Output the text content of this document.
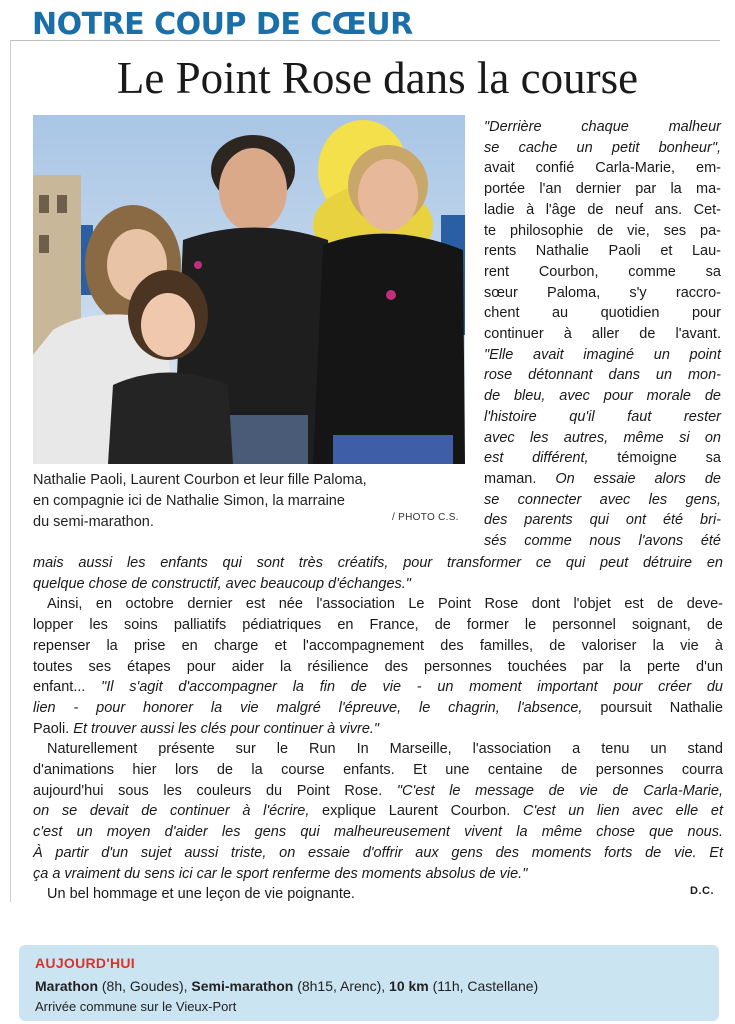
NOTRE COUP DE CŒUR
Le Point Rose dans la course
Nathalie Paoli, Laurent Courbon et leur fille Paloma,
en compagnie ici de Nathalie Simon, la marraine
du semi-marathon.	/ PHOTO C.S.
"Derrière chaque malheur
se cache un petit bonheur",
avait confié Carla-Marie, em-
portée l'an dernier par la ma-
ladie à l'âge de neuf ans. Cet-
te philosophie de vie, ses pa-
rents Nathalie Paoli et Lau-
rent Courbon, comme sa
sœur Paloma, s'y raccro-
chent au quotidien pour
continuer à aller de l'avant.
"Elle avait imaginé un point
rose détonnant dans un mon-
de bleu, avec pour morale de
l'histoire qu'il faut rester
avec les autres, même si on
est différent, témoigne sa
maman. On essaie alors de
se connecter avec les gens,
des parents qui ont été bri-
sés comme nous l'avons été
mais aussi les enfants qui sont très créatifs, pour transformer ce qui peut détruire en
quelque chose de constructif, avec beaucoup d'échanges."
Ainsi, en octobre dernier est née l'association Le Point Rose dont l'objet est de deve-
lopper les soins palliatifs pédiatriques en France, de former le personnel soignant, de
repenser la prise en charge et l'accompagnement des familles, de valoriser la vie à
toutes ses étapes pour aider la résilience des personnes touchées par la perte d'un
enfant... "Il s'agit d'accompagner la fin de vie - un moment important pour créer du
lien - pour honorer la vie malgré l'épreuve, le chagrin, l'absence, poursuit Nathalie
Paoli. Et trouver aussi les clés pour continuer à vivre."
Naturellement présente sur le Run In Marseille, l'association a tenu un stand
d'animations hier lors de la course enfants. Et une centaine de personnes courra
aujourd'hui sous les couleurs du Point Rose. "C'est le message de vie de Carla-Marie,
on se devait de continuer à l'écrire, explique Laurent Courbon. C'est un lien avec elle et
c'est un moyen d'aider les gens qui malheureusement vivent la même chose que nous.
À partir d'un sujet aussi triste, on essaie d'offrir aux gens des moments forts de vie. Et
ça a vraiment du sens ici car le sport renferme des moments absolus de vie."
Un bel hommage et une leçon de vie poignante.	D.C.
AUJOURD'HUI
Marathon (8h, Goudes), Semi-marathon (8h15, Arenc), 10 km (11h, Castellane)
Arrivée commune sur le Vieux-Port
